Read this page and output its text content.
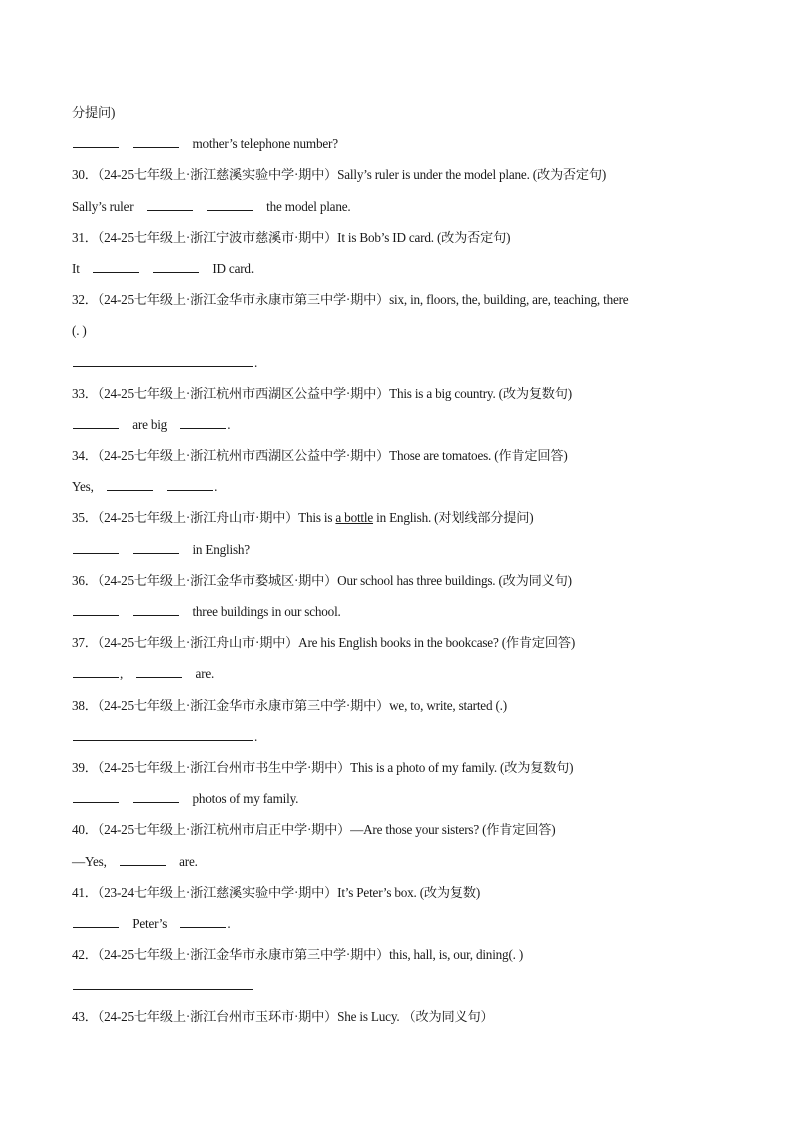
分提问)
mother’s telephone number?
30．（24-25七年级上·浙江慈溪实验中学·期中）Sally’s ruler is under the model plane. (改为否定句)
Sally’s ruler	the model plane.
31．（24-25七年级上·浙江宁波市慈溪市·期中）It is Bob’s ID card. (改为否定句)
It	ID card.
32．（24-25七年级上·浙江金华市永康市第三中学·期中）six, in, floors, the, building, are, teaching, there
(. )
.
33．（24-25七年级上·浙江杭州市西湖区公益中学·期中）This is a big country. (改为复数句)
are big	.
34．（24-25七年级上·浙江杭州市西湖区公益中学·期中）Those are tomatoes. (作肯定回答)
Yes,	.
35．（24-25七年级上·浙江舟山市·期中）This is a bottle in English. (对划线部分提问)
in English?
36．（24-25七年级上·浙江金华市婺城区·期中）Our school has three buildings. (改为同义句)
three buildings in our school.
37．（24-25七年级上·浙江舟山市·期中）Are his English books in the bookcase? (作肯定回答)
,	are.
38．（24-25七年级上·浙江金华市永康市第三中学·期中）we, to, write, started (.)
.
39．（24-25七年级上·浙江台州市书生中学·期中）This is a photo of my family. (改为复数句)
photos of my family.
40．（24-25七年级上·浙江杭州市启正中学·期中）—Are those your sisters? (作肯定回答)
—Yes,	are.
41．（23-24七年级上·浙江慈溪实验中学·期中）It’s Peter’s box. (改为复数)
Peter’s	.
42．（24-25七年级上·浙江金华市永康市第三中学·期中）this, hall, is, our, dining(. )
43．（24-25七年级上·浙江台州市玉环市·期中）She is Lucy. （改为同义句）
